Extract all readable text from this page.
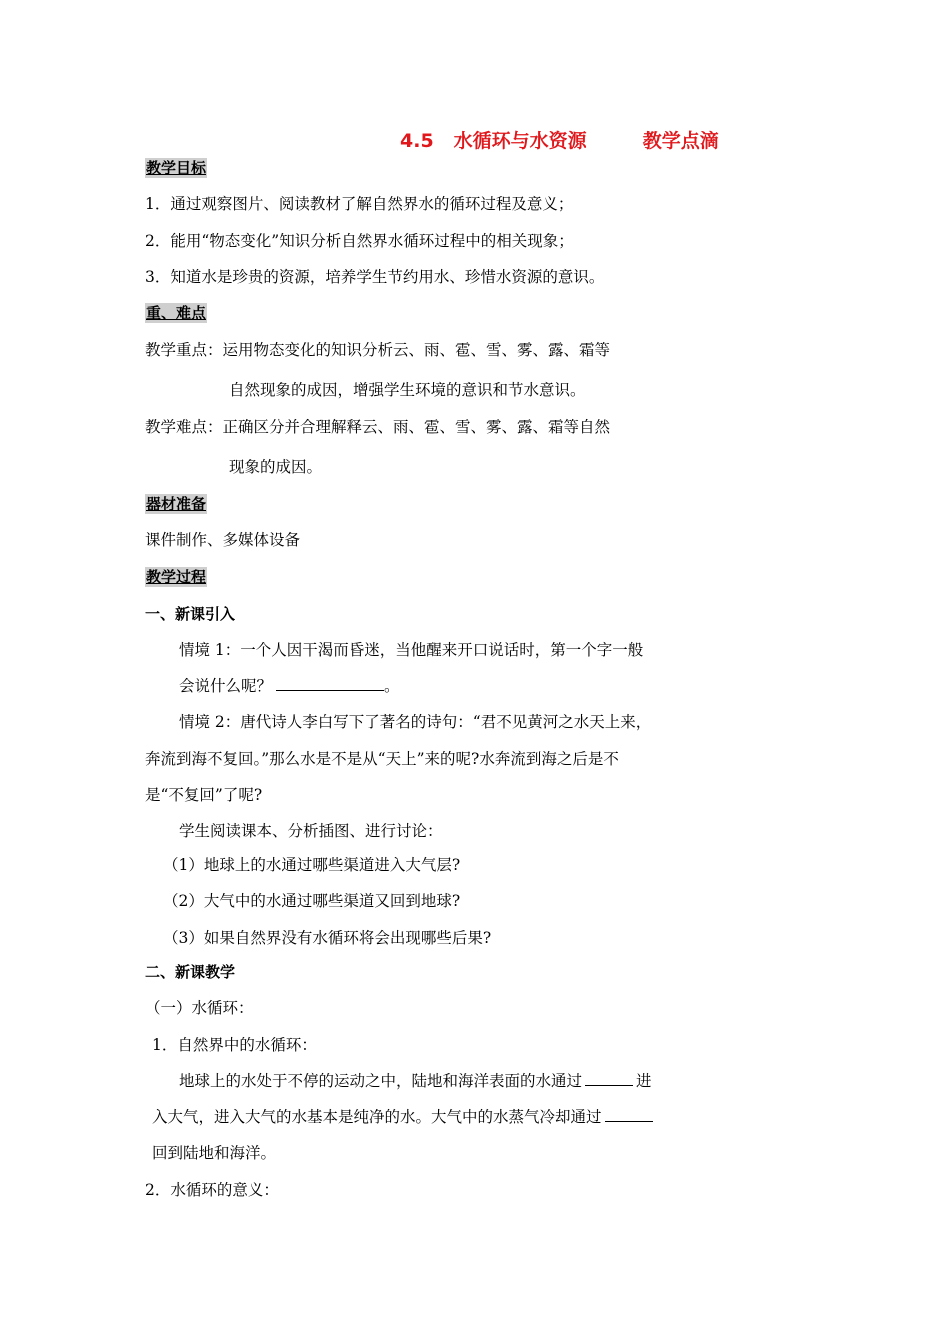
4.5 水循环与水资源	教学点滴
教学目标
1．通过观察图片、阅读教材了解自然界水的循环过程及意义；
2．能用“物态变化”知识分析自然界水循环过程中的相关现象；
3．知道水是珍贵的资源，培养学生节约用水、珍惜水资源的意识。
重、难点
教学重点：运用物态变化的知识分析云、雨、雹、雪、雾、露、霜等
自然现象的成因，增强学生环境的意识和节水意识。
教学难点：正确区分并合理解释云、雨、雹、雪、雾、露、霜等自然
现象的成因。
器材准备
课件制作、多媒体设备
教学过程
一、新课引入
情境 1：一个人因干渴而昏迷，当他醒来开口说话时，第一个字一般
会说什么呢？	。
情境 2：唐代诗人李白写下了著名的诗句：“君不见黄河之水天上来，
奔流到海不复回。”那么水是不是从“天上”来的呢?水奔流到海之后是不
是“不复回”了呢?
学生阅读课本、分析插图、进行讨论：
（1）地球上的水通过哪些渠道进入大气层?
（2）大气中的水通过哪些渠道又回到地球?
（3）如果自然界没有水循环将会出现哪些后果?
二、新课教学
（一）水循环：
1．自然界中的水循环：
地球上的水处于不停的运动之中，陆地和海洋表面的水通过	进
入大气，进入大气的水基本是纯净的水。大气中的水蒸气冷却通过
回到陆地和海洋。
2．水循环的意义：
